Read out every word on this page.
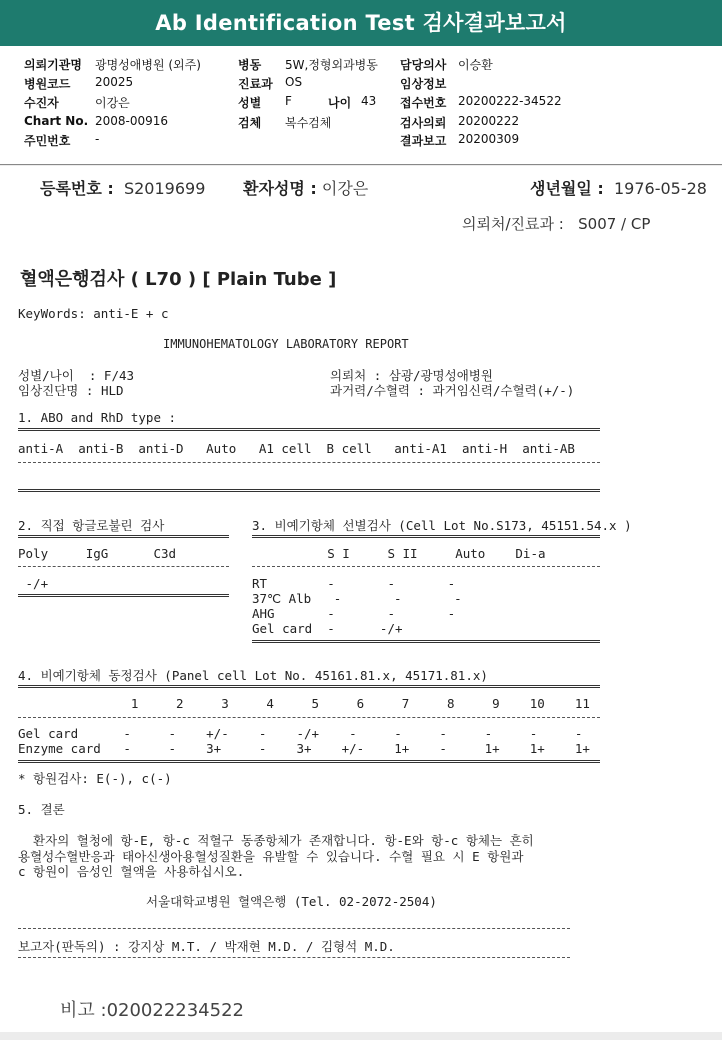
Ab Identification Test 검사결과보고서
의뢰기관명 광명성애병원 (외주)
병원코드 20025
수진자	이강은
Chart No. 2008-00916
주민번호 -
병동 5W,정형외과병동
진료과 OS
성별 F	나이 43
검체 복수검체
담당의사 이승환
임상정보
접수번호 20200222-34522
검사의뢰 20200222
결과보고 20200309
등록번호 : S2019699 환자성명 : 이강은	생년월일 : 1976-05-28
의뢰처/진료과 : S007 / CP
혈액은행검사 ( L70 ) [ Plain Tube ]
KeyWords: anti-E + c
IMMUNOHEMATOLOGY LABORATORY REPORT
성별/나이  : F/43
임상진단명 : HLD
의뢰처 : 삼광/광명성애병원
과거력/수혈력 : 과거임신력/수혈력(+/-)
1. ABO and RhD type :
anti-A  anti-B  anti-D   Auto   A1 cell  B cell   anti-A1  anti-H  anti-AB
2. 직접 항글로불린 검사
Poly     IgG      C3d
-/+
3. 비예기항체 선별검사 (Cell Lot No.S173, 45151.54.x )
S I     S II     Auto    Di-a
RT        -       -       -
37℃ Alb   -       -       -
AHG       -       -       -
Gel card  -      -/+
4. 비예기항체 동정검사 (Panel cell Lot No. 45161.81.x, 45171.81.x)
1     2     3     4     5     6     7     8     9    10    11
Gel card      -     -    +/-    -    -/+    -     -     -     -     -     -
Enzyme card   -     -    3+     -    3+    +/-    1+    -     1+    1+    1+
* 항원검사: E(-), c(-)
5. 결론
환자의 혈청에 항-E, 항-c 적혈구 동종항체가 존재합니다. 항-E와 항-c 항체는 흔히
용혈성수혈반응과 태아신생아용혈성질환을 유발할 수 있습니다. 수혈 필요 시 E 항원과
c 항원이 음성인 혈액을 사용하십시오.
서울대학교병원 혈액은행 (Tel. 02-2072-2504)
보고자(판독의) : 강지상 M.T. / 박재현 M.D. / 김형석 M.D.
비고 :020022234522
